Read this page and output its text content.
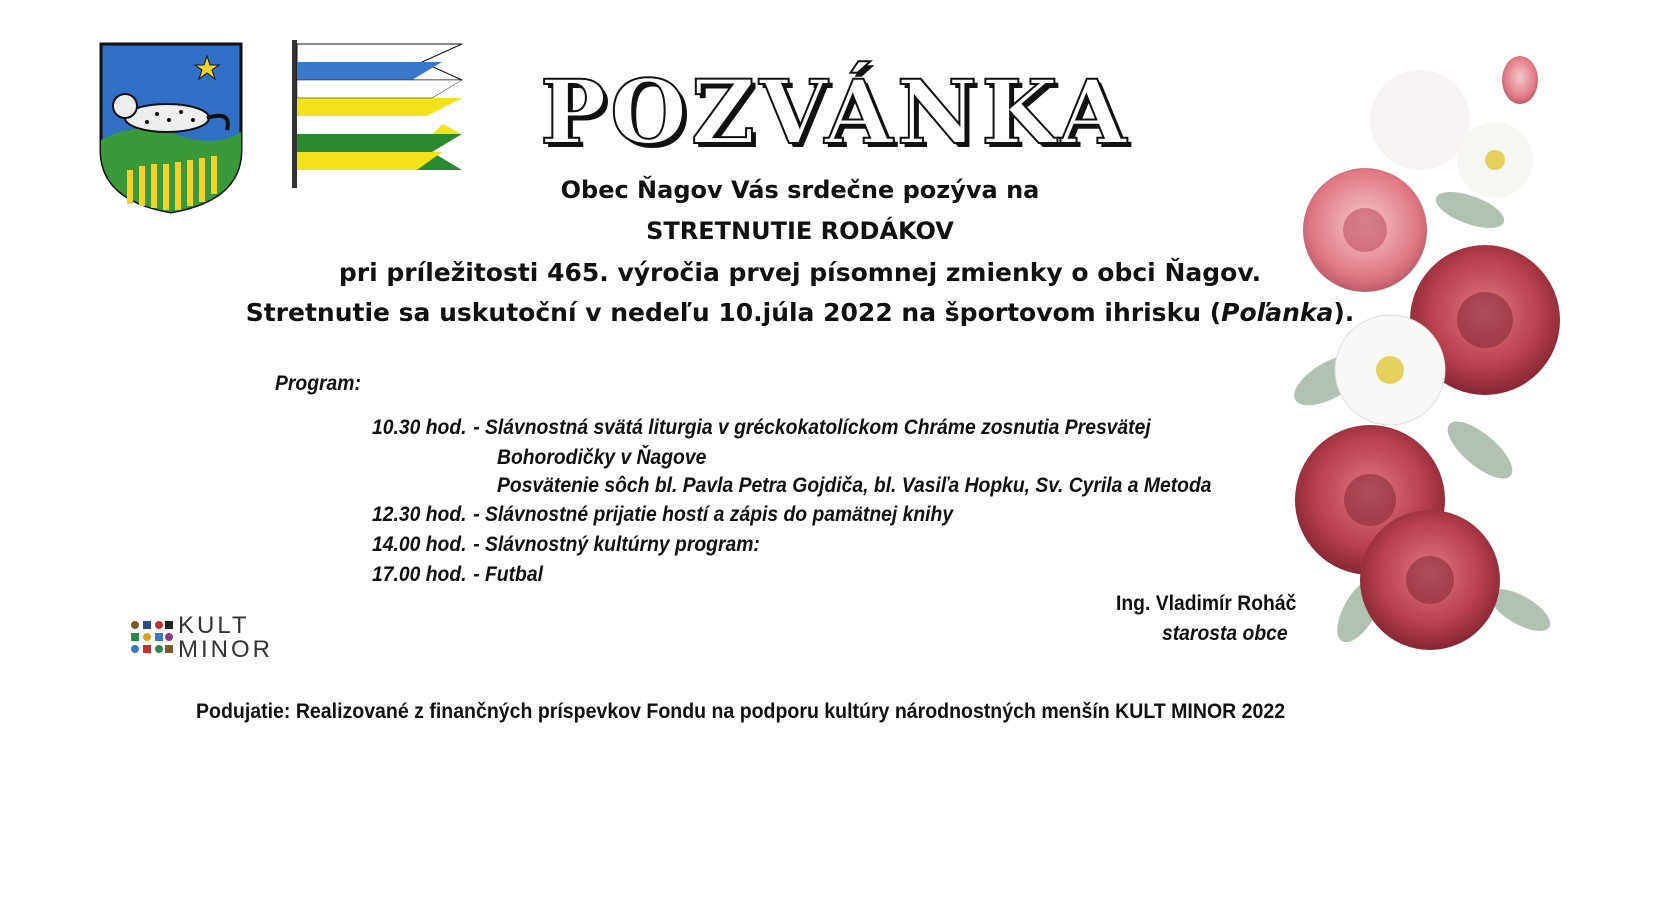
POZVÁNKA
Obec Ňagov Vás srdečne pozýva na
STRETNUTIE RODÁKOV
pri príležitosti 465. výročia prvej písomnej zmienky o obci Ňagov.
Stretnutie sa uskutoční v nedeľu 10.júla 2022 na športovom ihrisku (Poľanka).
Program:
10.30 hod. - Slávnostná svätá liturgia v gréckokatolíckom Chráme zosnutia Presvätej
Bohorodičky v Ňagove
Posvätenie sôch bl. Pavla Petra Gojdiča, bl. Vasiľa Hopku, Sv. Cyrila a Metoda
12.30 hod. - Slávnostné prijatie hostí a zápis do pamätnej knihy
14.00 hod. - Slávnostný kultúrny program:
17.00 hod. - Futbal
Ing. Vladimír Roháč
starosta obce
KULT
MINOR
Podujatie: Realizované z finančných príspevkov Fondu na podporu kultúry národnostných menšín KULT MINOR 2022
